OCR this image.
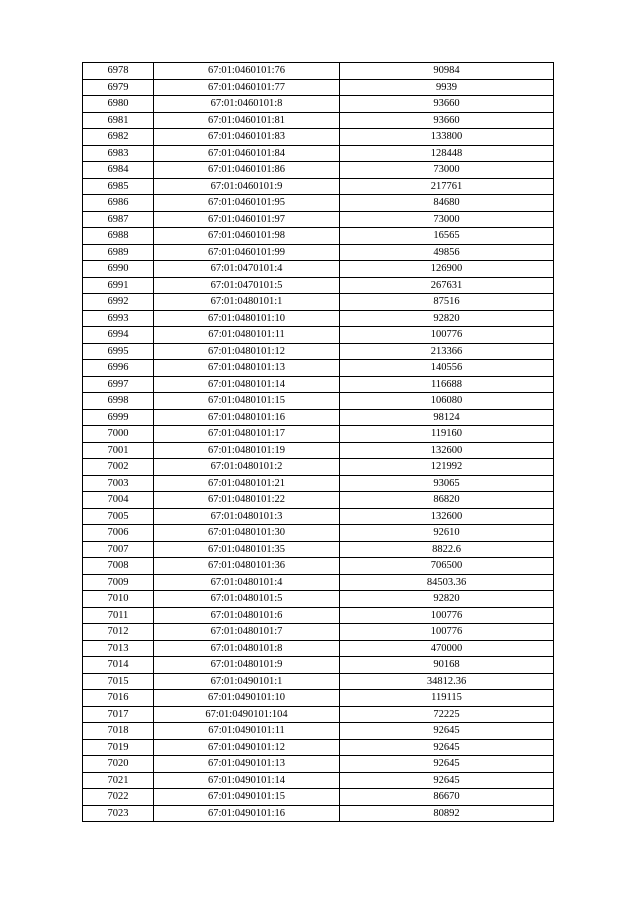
6978	67:01:0460101:76	90984
6979	67:01:0460101:77	9939
6980	67:01:0460101:8	93660
6981	67:01:0460101:81	93660
6982	67:01:0460101:83	133800
6983	67:01:0460101:84	128448
6984	67:01:0460101:86	73000
6985	67:01:0460101:9	217761
6986	67:01:0460101:95	84680
6987	67:01:0460101:97	73000
6988	67:01:0460101:98	16565
6989	67:01:0460101:99	49856
6990	67:01:0470101:4	126900
6991	67:01:0470101:5	267631
6992	67:01:0480101:1	87516
6993	67:01:0480101:10	92820
6994	67:01:0480101:11	100776
6995	67:01:0480101:12	213366
6996	67:01:0480101:13	140556
6997	67:01:0480101:14	116688
6998	67:01:0480101:15	106080
6999	67:01:0480101:16	98124
7000	67:01:0480101:17	119160
7001	67:01:0480101:19	132600
7002	67:01:0480101:2	121992
7003	67:01:0480101:21	93065
7004	67:01:0480101:22	86820
7005	67:01:0480101:3	132600
7006	67:01:0480101:30	92610
7007	67:01:0480101:35	8822.6
7008	67:01:0480101:36	706500
7009	67:01:0480101:4	84503.36
7010	67:01:0480101:5	92820
7011	67:01:0480101:6	100776
7012	67:01:0480101:7	100776
7013	67:01:0480101:8	470000
7014	67:01:0480101:9	90168
7015	67:01:0490101:1	34812.36
7016	67:01:0490101:10	119115
7017	67:01:0490101:104	72225
7018	67:01:0490101:11	92645
7019	67:01:0490101:12	92645
7020	67:01:0490101:13	92645
7021	67:01:0490101:14	92645
7022	67:01:0490101:15	86670
7023	67:01:0490101:16	80892
